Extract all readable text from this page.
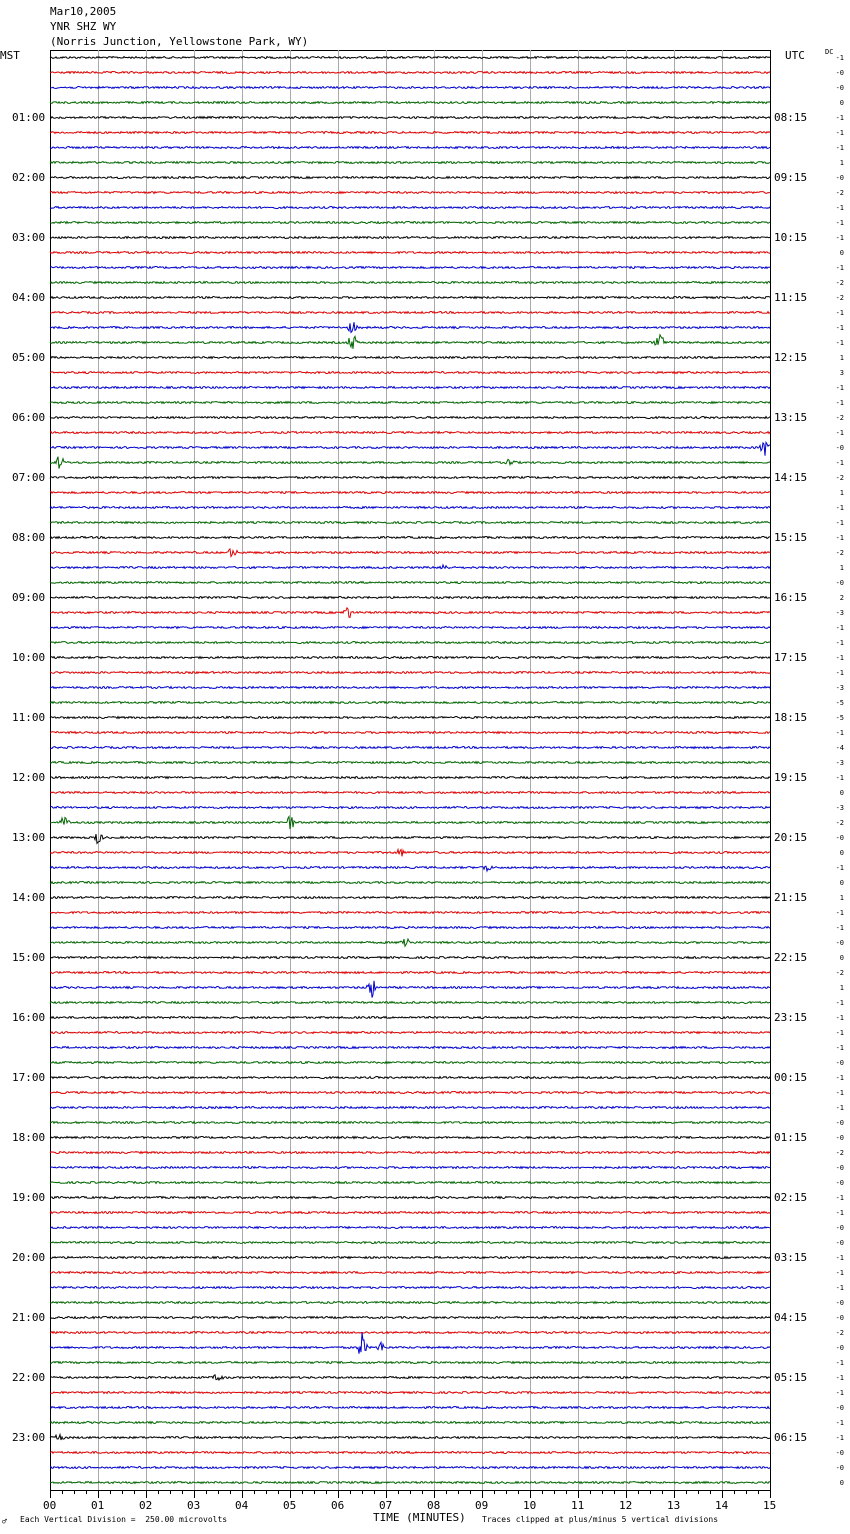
Mar10,2005
YNR SHZ WY
(Norris Junction, Yellowstone Park, WY)
MST	UTC	DC
01:00
02:00
03:00
04:00
05:00
06:00
07:00
08:00
09:00
10:00
11:00
12:00
13:00
14:00
15:00
16:00
17:00
18:00
19:00
20:00
21:00
22:00
23:00
08:15
09:15
10:15
11:15
12:15
13:15
14:15
15:15
16:15
17:15
18:15
19:15
20:15
21:15
22:15
23:15
00:15
01:15
02:15
03:15
04:15
05:15
06:15
-1
-0
-0
0
-1
-1
-1
1
-0
-2
-1
-1
-1
0
-1
-2
-2
-1
-1
-1
1
3
-1
-1
-2
-1
-0
-1
-2
1
-1
-1
-1
-2
1
-0
2
-3
-1
-1
-1
-1
-3
-5
-5
-1
-4
-3
-1
0
-3
-2
-0
0
-1
0
1
-1
-1
-0
0
-2
1
-1
-1
-1
-1
-0
-1
-1
-1
-0
-0
-2
-0
-0
-1
-1
-0
-0
-1
-1
-1
-0
-0
-2
-0
-1
-1
-1
-0
-1
-1
-0
-0
0
00	01	02	03	04	05	06	07	08	09	10	11	12	13	14	15
TIME (MINUTES)
♂ Each Vertical Division =  250.00 microvolts	Traces clipped at plus/minus 5 vertical divisions
